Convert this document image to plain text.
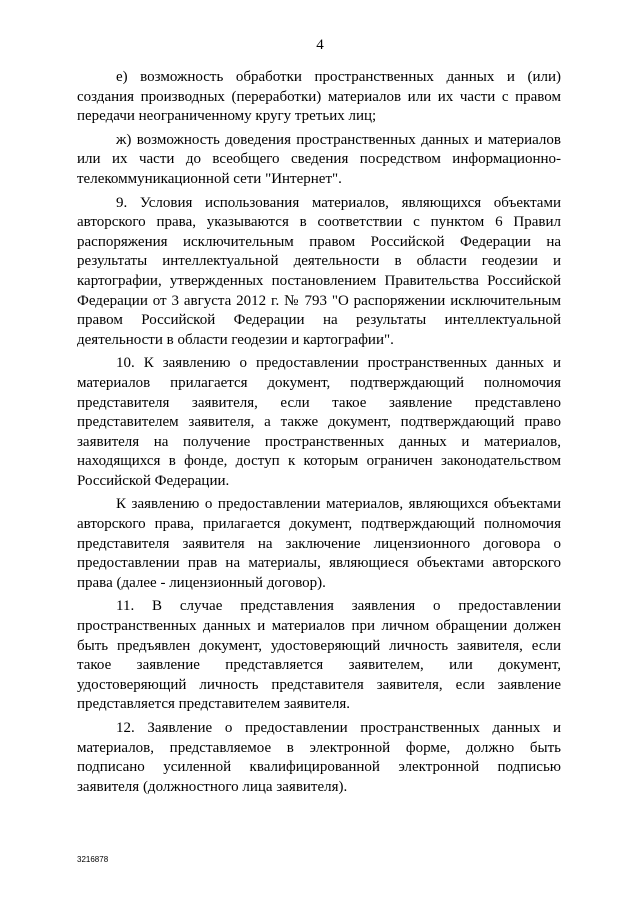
4

е) возможность обработки пространственных данных и (или) создания производных (переработки) материалов или их части с правом передачи неограниченному кругу третьих лиц;

ж) возможность доведения пространственных данных и материалов или их части до всеобщего сведения посредством информационно-телекоммуникационной сети "Интернет".

9. Условия использования материалов, являющихся объектами авторского права, указываются в соответствии с пунктом 6 Правил распоряжения исключительным правом Российской Федерации на результаты интеллектуальной деятельности в области геодезии и картографии, утвержденных постановлением Правительства Российской Федерации от 3 августа 2012 г. № 793 "О распоряжении исключительным правом Российской Федерации на результаты интеллектуальной деятельности в области геодезии и картографии".

10. К заявлению о предоставлении пространственных данных и материалов прилагается документ, подтверждающий полномочия представителя заявителя, если такое заявление представлено представителем заявителя, а также документ, подтверждающий право заявителя на получение пространственных данных и материалов, находящихся в фонде, доступ к которым ограничен законодательством Российской Федерации.

К заявлению о предоставлении материалов, являющихся объектами авторского права, прилагается документ, подтверждающий полномочия представителя заявителя на заключение лицензионного договора о предоставлении прав на материалы, являющиеся объектами авторского права (далее - лицензионный договор).

11. В случае представления заявления о предоставлении пространственных данных и материалов при личном обращении должен быть предъявлен документ, удостоверяющий личность заявителя, если такое заявление представляется заявителем, или документ, удостоверяющий личность представителя заявителя, если заявление представляется представителем заявителя.

12. Заявление о предоставлении пространственных данных и материалов, представляемое в электронной форме, должно быть подписано усиленной квалифицированной электронной подписью заявителя (должностного лица заявителя).

3216878
